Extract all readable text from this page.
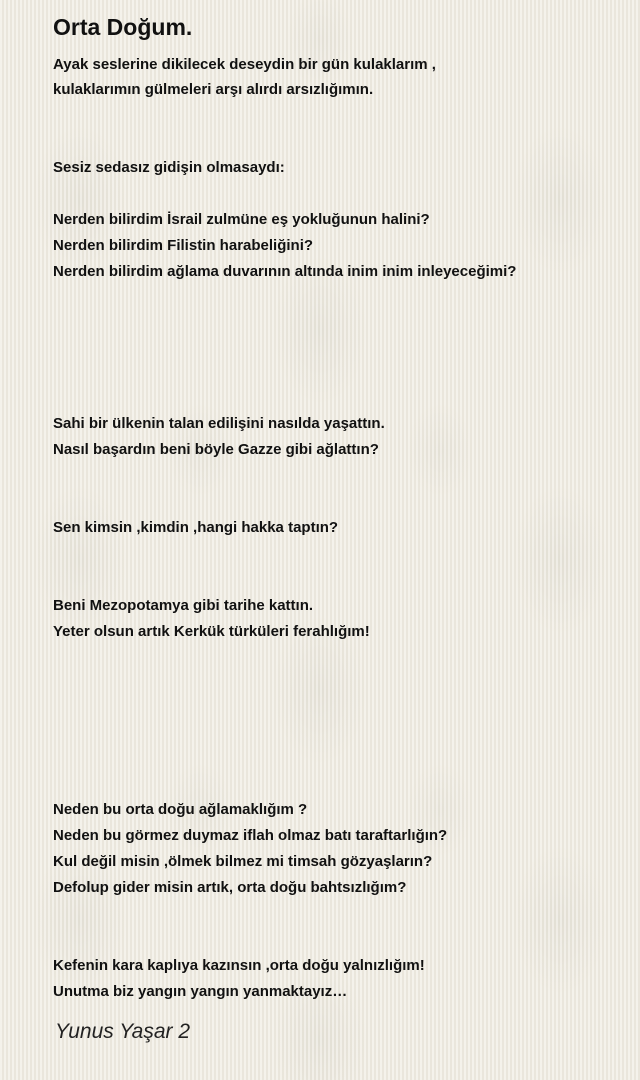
Orta Doğum.
Ayak seslerine dikilecek deseydin bir gün kulaklarım ,
kulaklarımın gülmeleri arşı alırdı arsızlığımın.
Sesiz sedasız gidişin olmasaydı:
Nerden bilirdim İsrail zulmüne eş yokluğunun halini?
Nerden bilirdim Filistin harabeliğini?
Nerden bilirdim ağlama duvarının altında inim inim inleyeceğimi?
Sahi bir ülkenin talan edilişini nasılda yaşattın.
Nasıl başardın beni böyle Gazze gibi ağlattın?
Sen kimsin ,kimdin ,hangi hakka taptın?
Beni Mezopotamya gibi tarihe kattın.
Yeter olsun artık Kerkük türküleri ferahlığım!
Neden bu orta doğu ağlamaklığım ?
Neden bu görmez duymaz iflah olmaz batı taraftarlığın?
Kul değil misin ,ölmek bilmez mi timsah gözyaşların?
Defolup gider misin artık, orta doğu bahtsızlığım?
Kefenin kara kaplıya kazınsın ,orta doğu yalnızlığım!
Unutma biz yangın yangın yanmaktayız…
Yunus Yaşar 2
